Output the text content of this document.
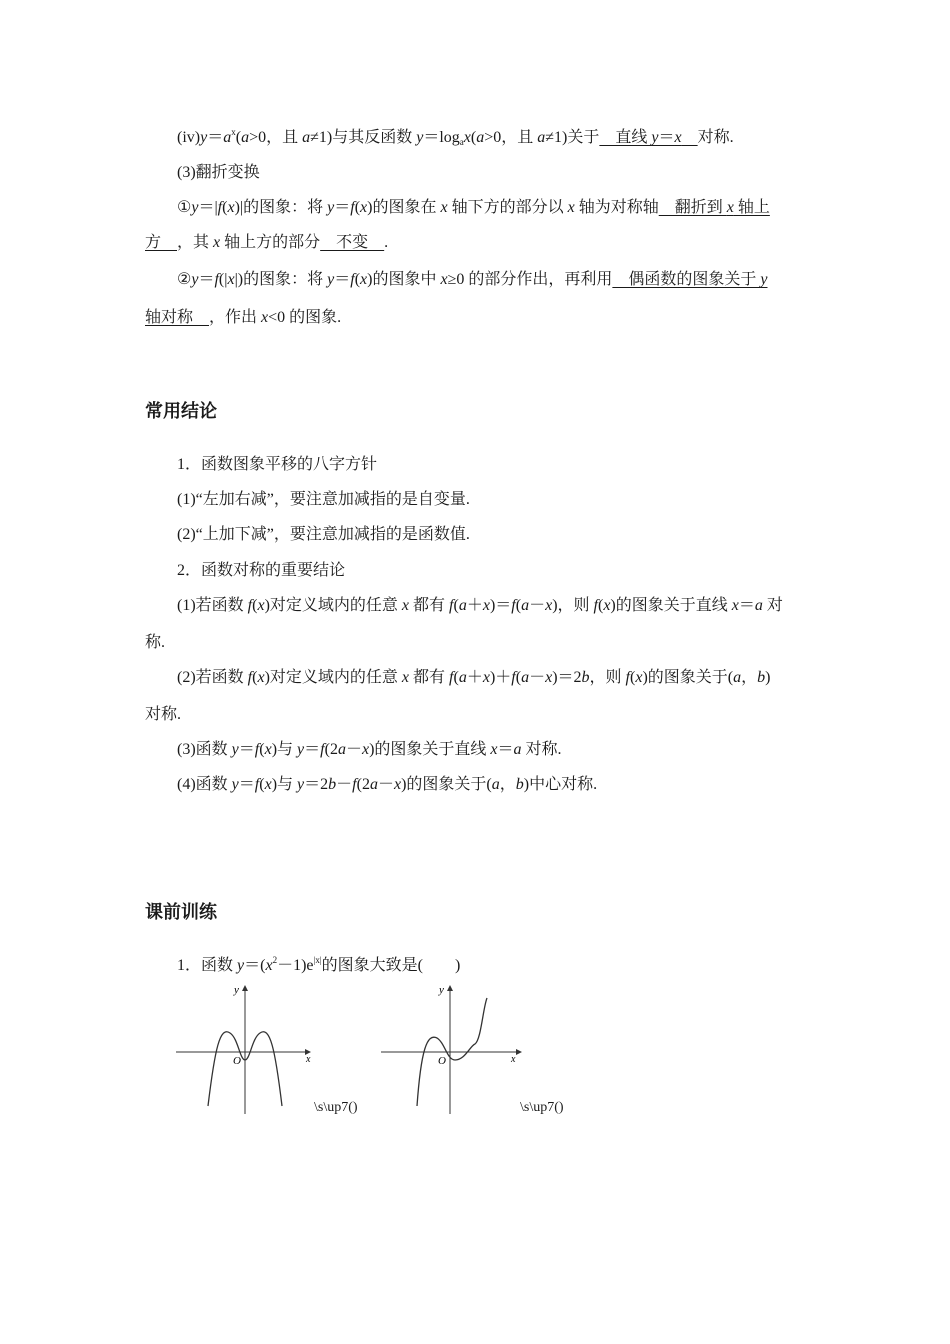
$(iv)y=a^x(a>0$，且 a≠1)与其反函数 $y=\log_ax(a>0$，且 a≠1)关于　直线 y＝x　 对称.
(3)翻折变换
①y＝|f(x)|的图象：将 y＝f(x)的图象在 x 轴下方的部分以 x 轴为对称轴　翻折到 x 轴上
方　，其 x 轴上方的部分　不变　.
②y＝f(|x|)的图象：将 y＝f(x)的图象中 x≥0 的部分作出，再利用　偶函数的图象关于 y
轴对称　，作出 x<0 的图象.
常用结论
1．函数图象平移的八字方针
(1)“左加右减”，要注意加减指的是自变量.
(2)“上加下减”，要注意加减指的是函数值.
2．函数对称的重要结论
(1)若函数 f(x)对定义域内的任意 x 都有 f(a＋x)＝f(a－x)，则 f(x)的图象关于直线 x＝a 对
称.
(2)若函数 f(x)对定义域内的任意 x 都有 f(a＋x)＋f(a－x)＝2b，则 f(x)的图象关于(a，b)
对称.
(3)函数 y＝f(x)与 y＝f(2a－x)的图象关于直线 x＝a 对称.
(4)函数 y＝f(x)与 y＝2b－f(2a－x)的图象关于(a，b)中心对称.
课前训练
1．函数 $y=(x^2-1)e^{|x|}$的图象大致是(　　)
y
x
O
\s\up7()
y
x
O
\s\up7()
